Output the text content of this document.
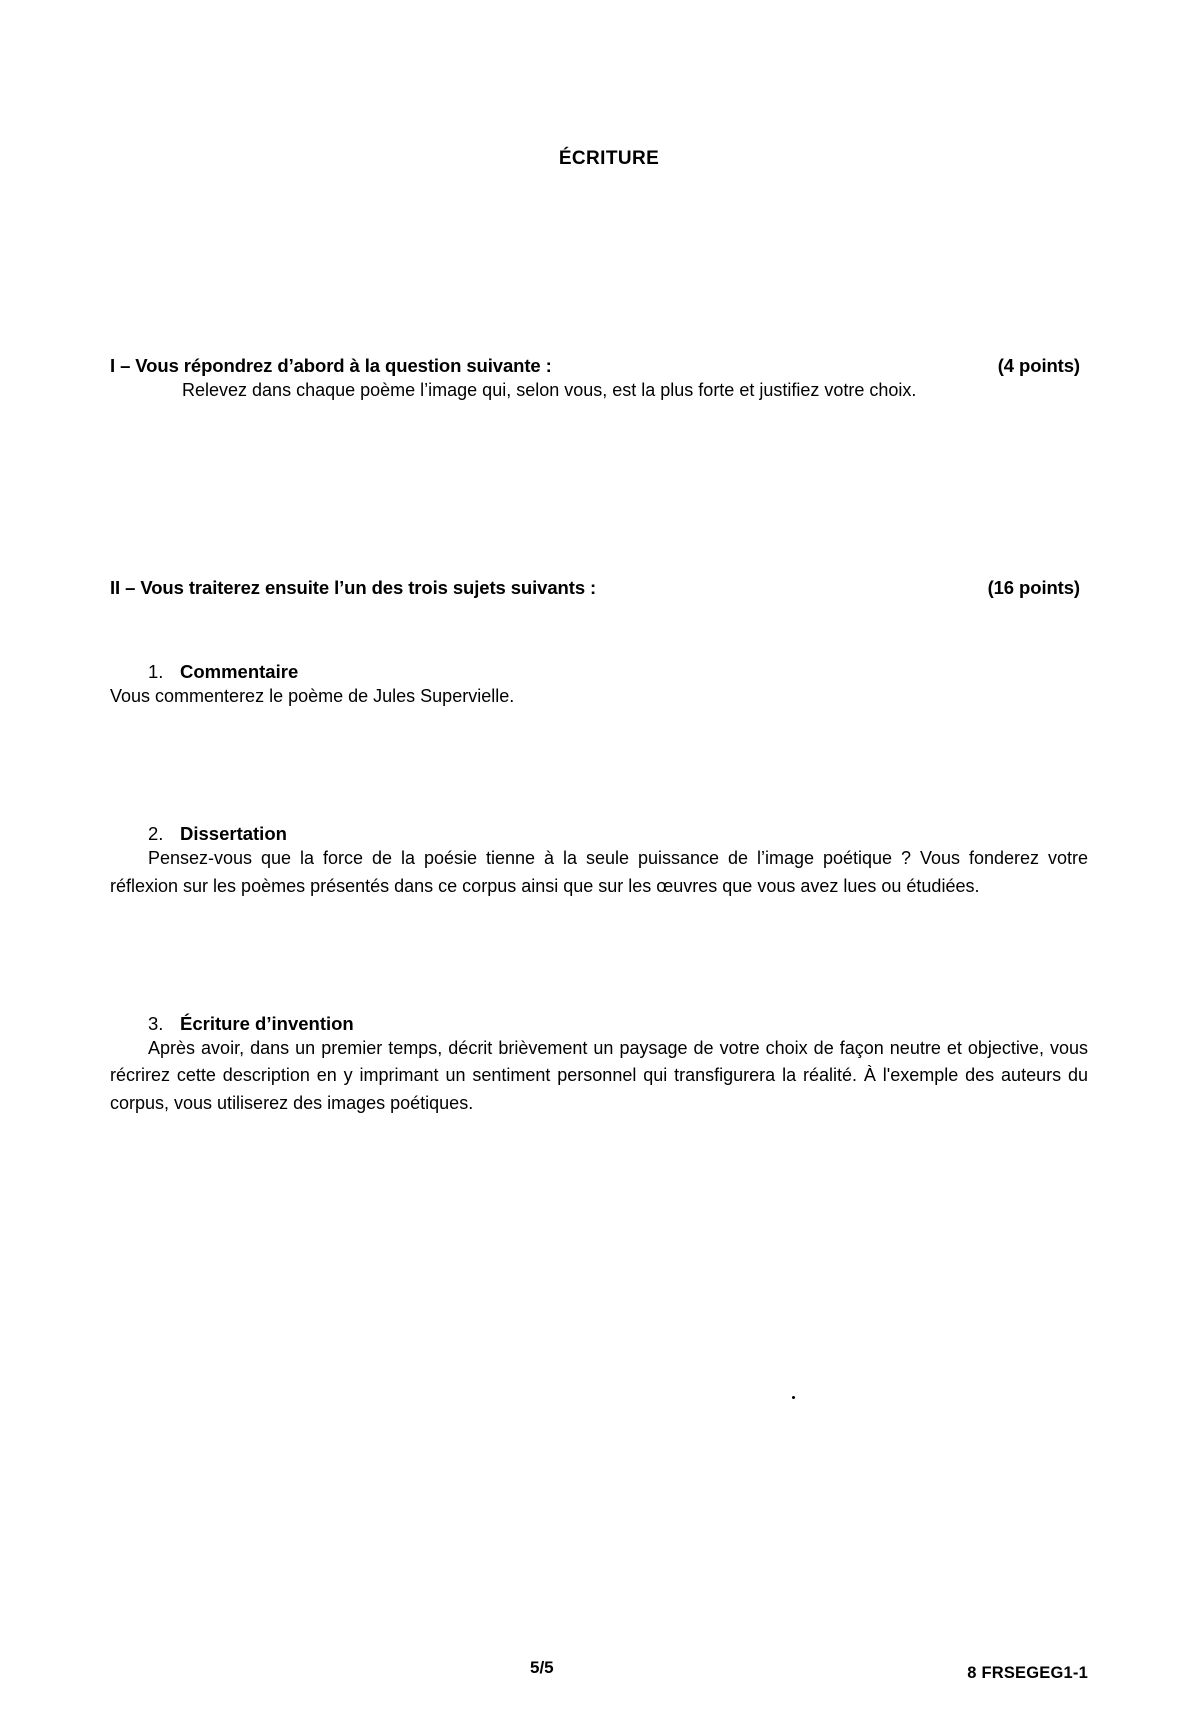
ÉCRITURE
I – Vous répondrez d’abord à la question suivante :	(4 points)

Relevez dans chaque poème l’image qui, selon vous, est la plus forte et justifiez votre choix.

II – Vous traiterez ensuite l’un des trois sujets suivants :	(16 points)
1. Commentaire

Vous commenterez le poème de Jules Supervielle.

2. Dissertation

Pensez-vous que la force de la poésie tienne à la seule puissance de l’image poétique ? Vous fonderez votre réflexion sur les poèmes présentés dans ce corpus ainsi que sur les œuvres que vous avez lues ou étudiées.

3. Écriture d’invention

Après avoir, dans un premier temps, décrit brièvement un paysage de votre choix de façon neutre et objective, vous récrirez cette description en y imprimant un sentiment personnel qui transfigurera la réalité. À l'exemple des auteurs du corpus, vous utiliserez des images poétiques.

5/5	8 FRSEGEG1-1
